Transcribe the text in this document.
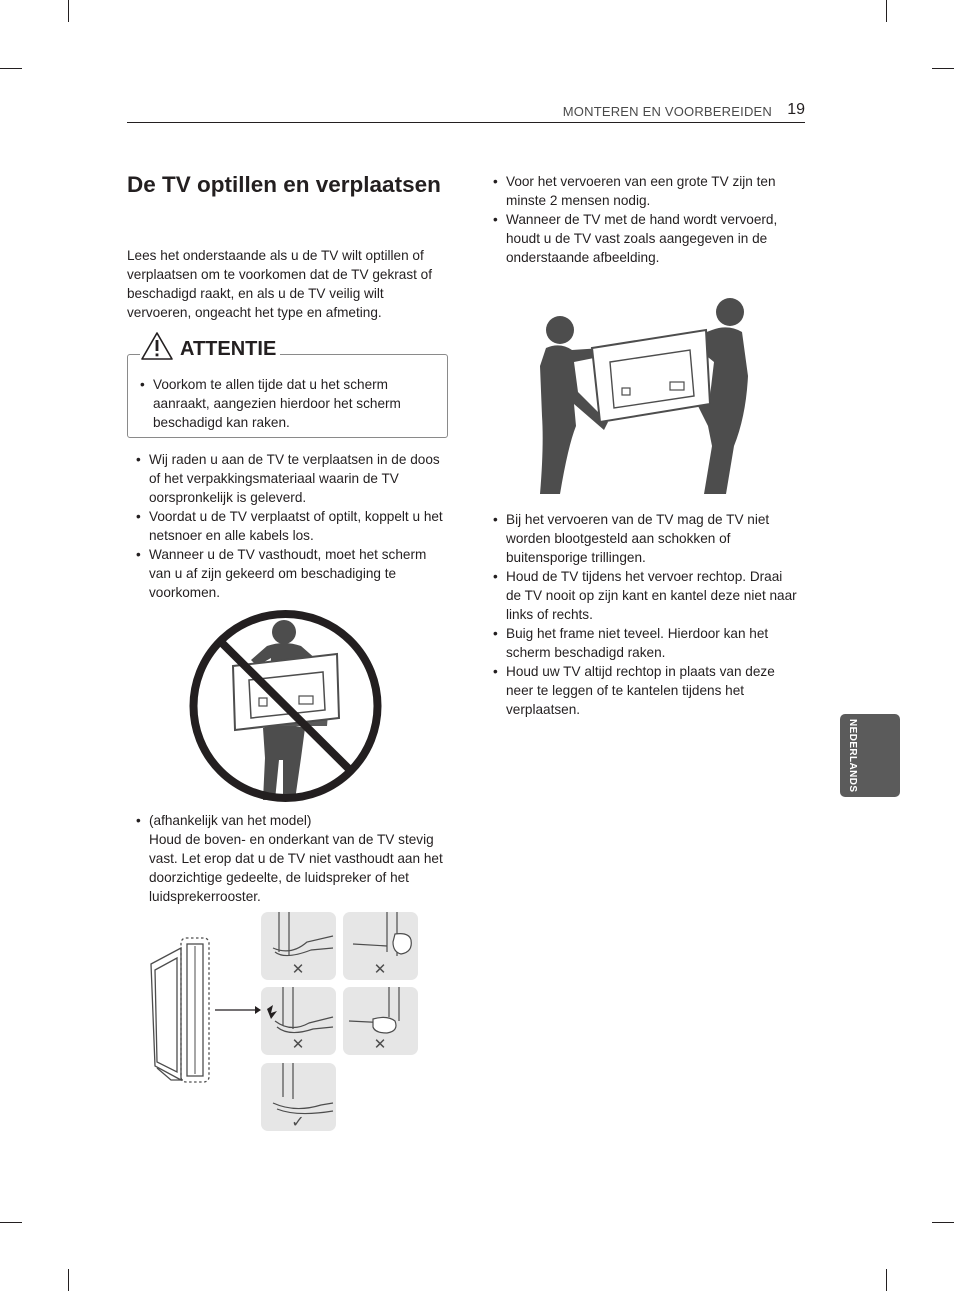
MONTEREN EN VOORBEREIDEN 19
De TV optillen en verplaatsen

Lees het onderstaande als u de TV wilt optillen of verplaatsen om te voorkomen dat de TV gekrast of beschadigd raakt, en als u de TV veilig wilt vervoeren, ongeacht het type en afmeting.

ATTENTIE
• Voorkom te allen tijde dat u het scherm aanraakt, aangezien hierdoor het scherm beschadigd kan raken.
• Wij raden u aan de TV te verplaatsen in de doos of het verpakkingsmateriaal waarin de TV oorspronkelijk is geleverd.
• Voordat u de TV verplaatst of optilt, koppelt u het netsnoer en alle kabels los.
• Wanneer u de TV vasthoudt, moet het scherm van u af zijn gekeerd om beschadiging te voorkomen.
• (afhankelijk van het model)
Houd de boven- en onderkant van de TV stevig vast. Let erop dat u de TV niet vasthoudt aan het doorzichtige gedeelte, de luidspreker of het luidsprekerrooster.
✕	✕
✕	✕
✓
• Voor het vervoeren van een grote TV zijn ten minste 2 mensen nodig.
• Wanneer de TV met de hand wordt vervoerd, houdt u de TV vast zoals aangegeven in de onderstaande afbeelding.
• Bij het vervoeren van de TV mag de TV niet worden blootgesteld aan schokken of buitensporige trillingen.
• Houd de TV tijdens het vervoer rechtop. Draai de TV nooit op zijn kant en kantel deze niet naar links of rechts.
• Buig het frame niet teveel. Hierdoor kan het scherm beschadigd raken.
• Houd uw TV altijd rechtop in plaats van deze neer te leggen of te kantelen tijdens het verplaatsen.
NEDERLANDS
